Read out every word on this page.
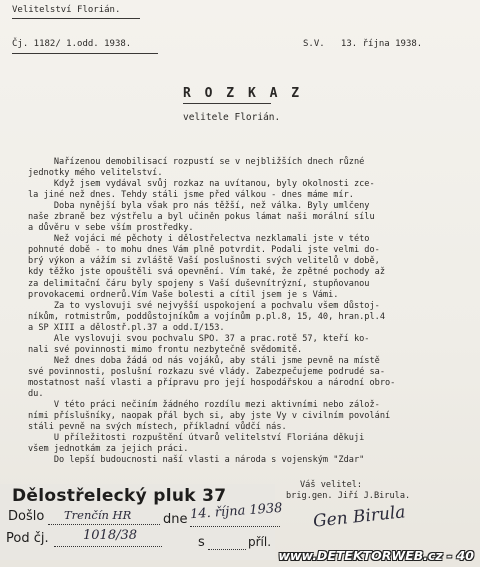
Velitelství Florián.
Čj. 1182/ 1.odd. 1938.	S.V.   13. října 1938.
R O Z K A Z
velitele Florián.
Nařízenou demobilisací rozpustí se v nejbližších dnech různé
jednotky mého velitelství.
Když jsem vydával svůj rozkaz na uvítanou, byly okolnosti zce-
la jiné než dnes. Tehdy stáli jsme před válkou - dnes máme mír.
Doba nynější byla však pro nás těžší, než válka. Byly umlčeny
naše zbraně bez výstřelu a byl učiněn pokus lámat naši morální sílu
a důvěru v sebe vším prostředky.
Než vojáci mé pěchoty i dělostřelectva nezklamali jste v této
pohnuté době - to mohu dnes Vám plně potvrdit. Podali jste velmi do-
brý výkon a vážím si zvláště Vaší poslušnosti svých velitelů v době,
kdy těžko jste opouštěli svá opevnění. Vím také, že zpětné pochody až
za delimitační čáru byly spojeny s Vaší duševnítrýzní, stupňovanou
provokacemi ordnerů.Vím Vaše bolesti a cítil jsem je s Vámi.
Za to vyslovuji své nejvyšší uspokojení a pochvalu všem důstoj-
níkům, rotmistrům, poddůstojníkům a vojínům p.pl.8, 15, 40, hran.pl.4
a SP XIII a dělostř.pl.37 a odd.I/153.
Ale vyslovuji svou pochvalu SPO. 37 a prac.rotě 57, kteří ko-
nali své povinnosti mimo frontu nezbytečně svědomitě.
Než dnes doba žádá od nás vojáků, aby stáli jsme pevně na místě
své povinnosti, poslušní rozkazu své vlády. Zabezpečujeme podrudé sa-
mostatnost naší vlasti a přípravu pro její hospodářskou a národní obro-
du.
V této práci nečiním žádného rozdílu mezi aktivními nebo zálož-
ními příslušníky, naopak přál bych si, aby jste Vy v civilním povolání
stáli pevně na svých místech, příkladní vůdčí nás.
U příležitosti rozpuštění útvarů velitelství Floriána děkuji
všem jednotkám za jejich práci.
Do lepší budoucnosti naší vlasti a národa s vojenským "Zdar"
Váš velitel:
brig.gen. Jiří J.Birula.
Gen Birula
Dělostřelecký pluk 37
Došlo Trenčín HR dne 14. října 1938
Pod čj.	1018/38	s	příl.
www.DETEKTORWEB.cz - 40
